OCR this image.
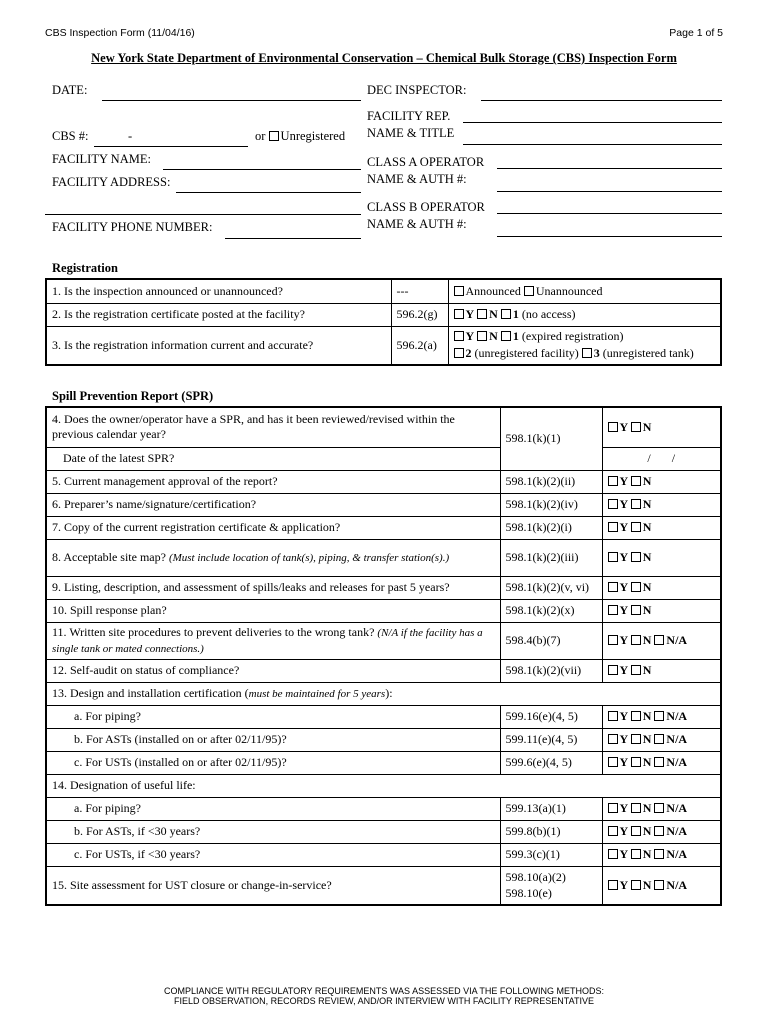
CBS Inspection Form (11/04/16)	Page 1 of 5
New York State Department of Environmental Conservation – Chemical Bulk Storage (CBS) Inspection Form
DATE:
CBS #:	-	or Unregistered
FACILITY NAME:
FACILITY ADDRESS:
FACILITY PHONE NUMBER:
DEC INSPECTOR:
FACILITY REP.
NAME & TITLE
CLASS A OPERATOR
NAME & AUTH #:
CLASS B OPERATOR
NAME & AUTH #:
Registration
1. Is the inspection announced or unannounced?	---	Announced Unannounced
2. Is the registration certificate posted at the facility?	596.2(g)	Y N 1 (no access)
3. Is the registration information current and accurate?	596.2(a)	Y N 1 (expired registration)
2 (unregistered facility) 3 (unregistered tank)
Spill Prevention Report (SPR)
4. Does the owner/operator have a SPR, and has it been reviewed/revised within the previous calendar year?	598.1(k)(1)	Y N
Date of the latest SPR?		/       /
5. Current management approval of the report?	598.1(k)(2)(ii)	Y N
6. Preparer’s name/signature/certification?	598.1(k)(2)(iv)	Y N
7. Copy of the current registration certificate & application?	598.1(k)(2)(i)	Y N
8. Acceptable site map? (Must include location of tank(s), piping, & transfer station(s).)	598.1(k)(2)(iii)	Y N
9. Listing, description, and assessment of spills/leaks and releases for past 5 years?	598.1(k)(2)(v, vi)	Y N
10. Spill response plan?	598.1(k)(2)(x)	Y N
11. Written site procedures to prevent deliveries to the wrong tank? (N/A if the facility has a single tank or mated connections.)	598.4(b)(7)	Y N N/A
12. Self-audit on status of compliance?	598.1(k)(2)(vii)	Y N
13. Design and installation certification (must be maintained for 5 years):		
a. For piping?	599.16(e)(4, 5)	Y N N/A
b. For ASTs (installed on or after 02/11/95)?	599.11(e)(4, 5)	Y N N/A
c. For USTs (installed on or after 02/11/95)?	599.6(e)(4, 5)	Y N N/A
14. Designation of useful life:		
a. For piping?	599.13(a)(1)	Y N N/A
b. For ASTs, if <30 years?	599.8(b)(1)	Y N N/A
c. For USTs, if <30 years?	599.3(c)(1)	Y N N/A
15. Site assessment for UST closure or change-in-service?	598.10(a)(2)
598.10(e)	Y N N/A
COMPLIANCE WITH REGULATORY REQUIREMENTS WAS ASSESSED VIA THE FOLLOWING METHODS:
FIELD OBSERVATION, RECORDS REVIEW, AND/OR INTERVIEW WITH FACILITY REPRESENTATIVE
